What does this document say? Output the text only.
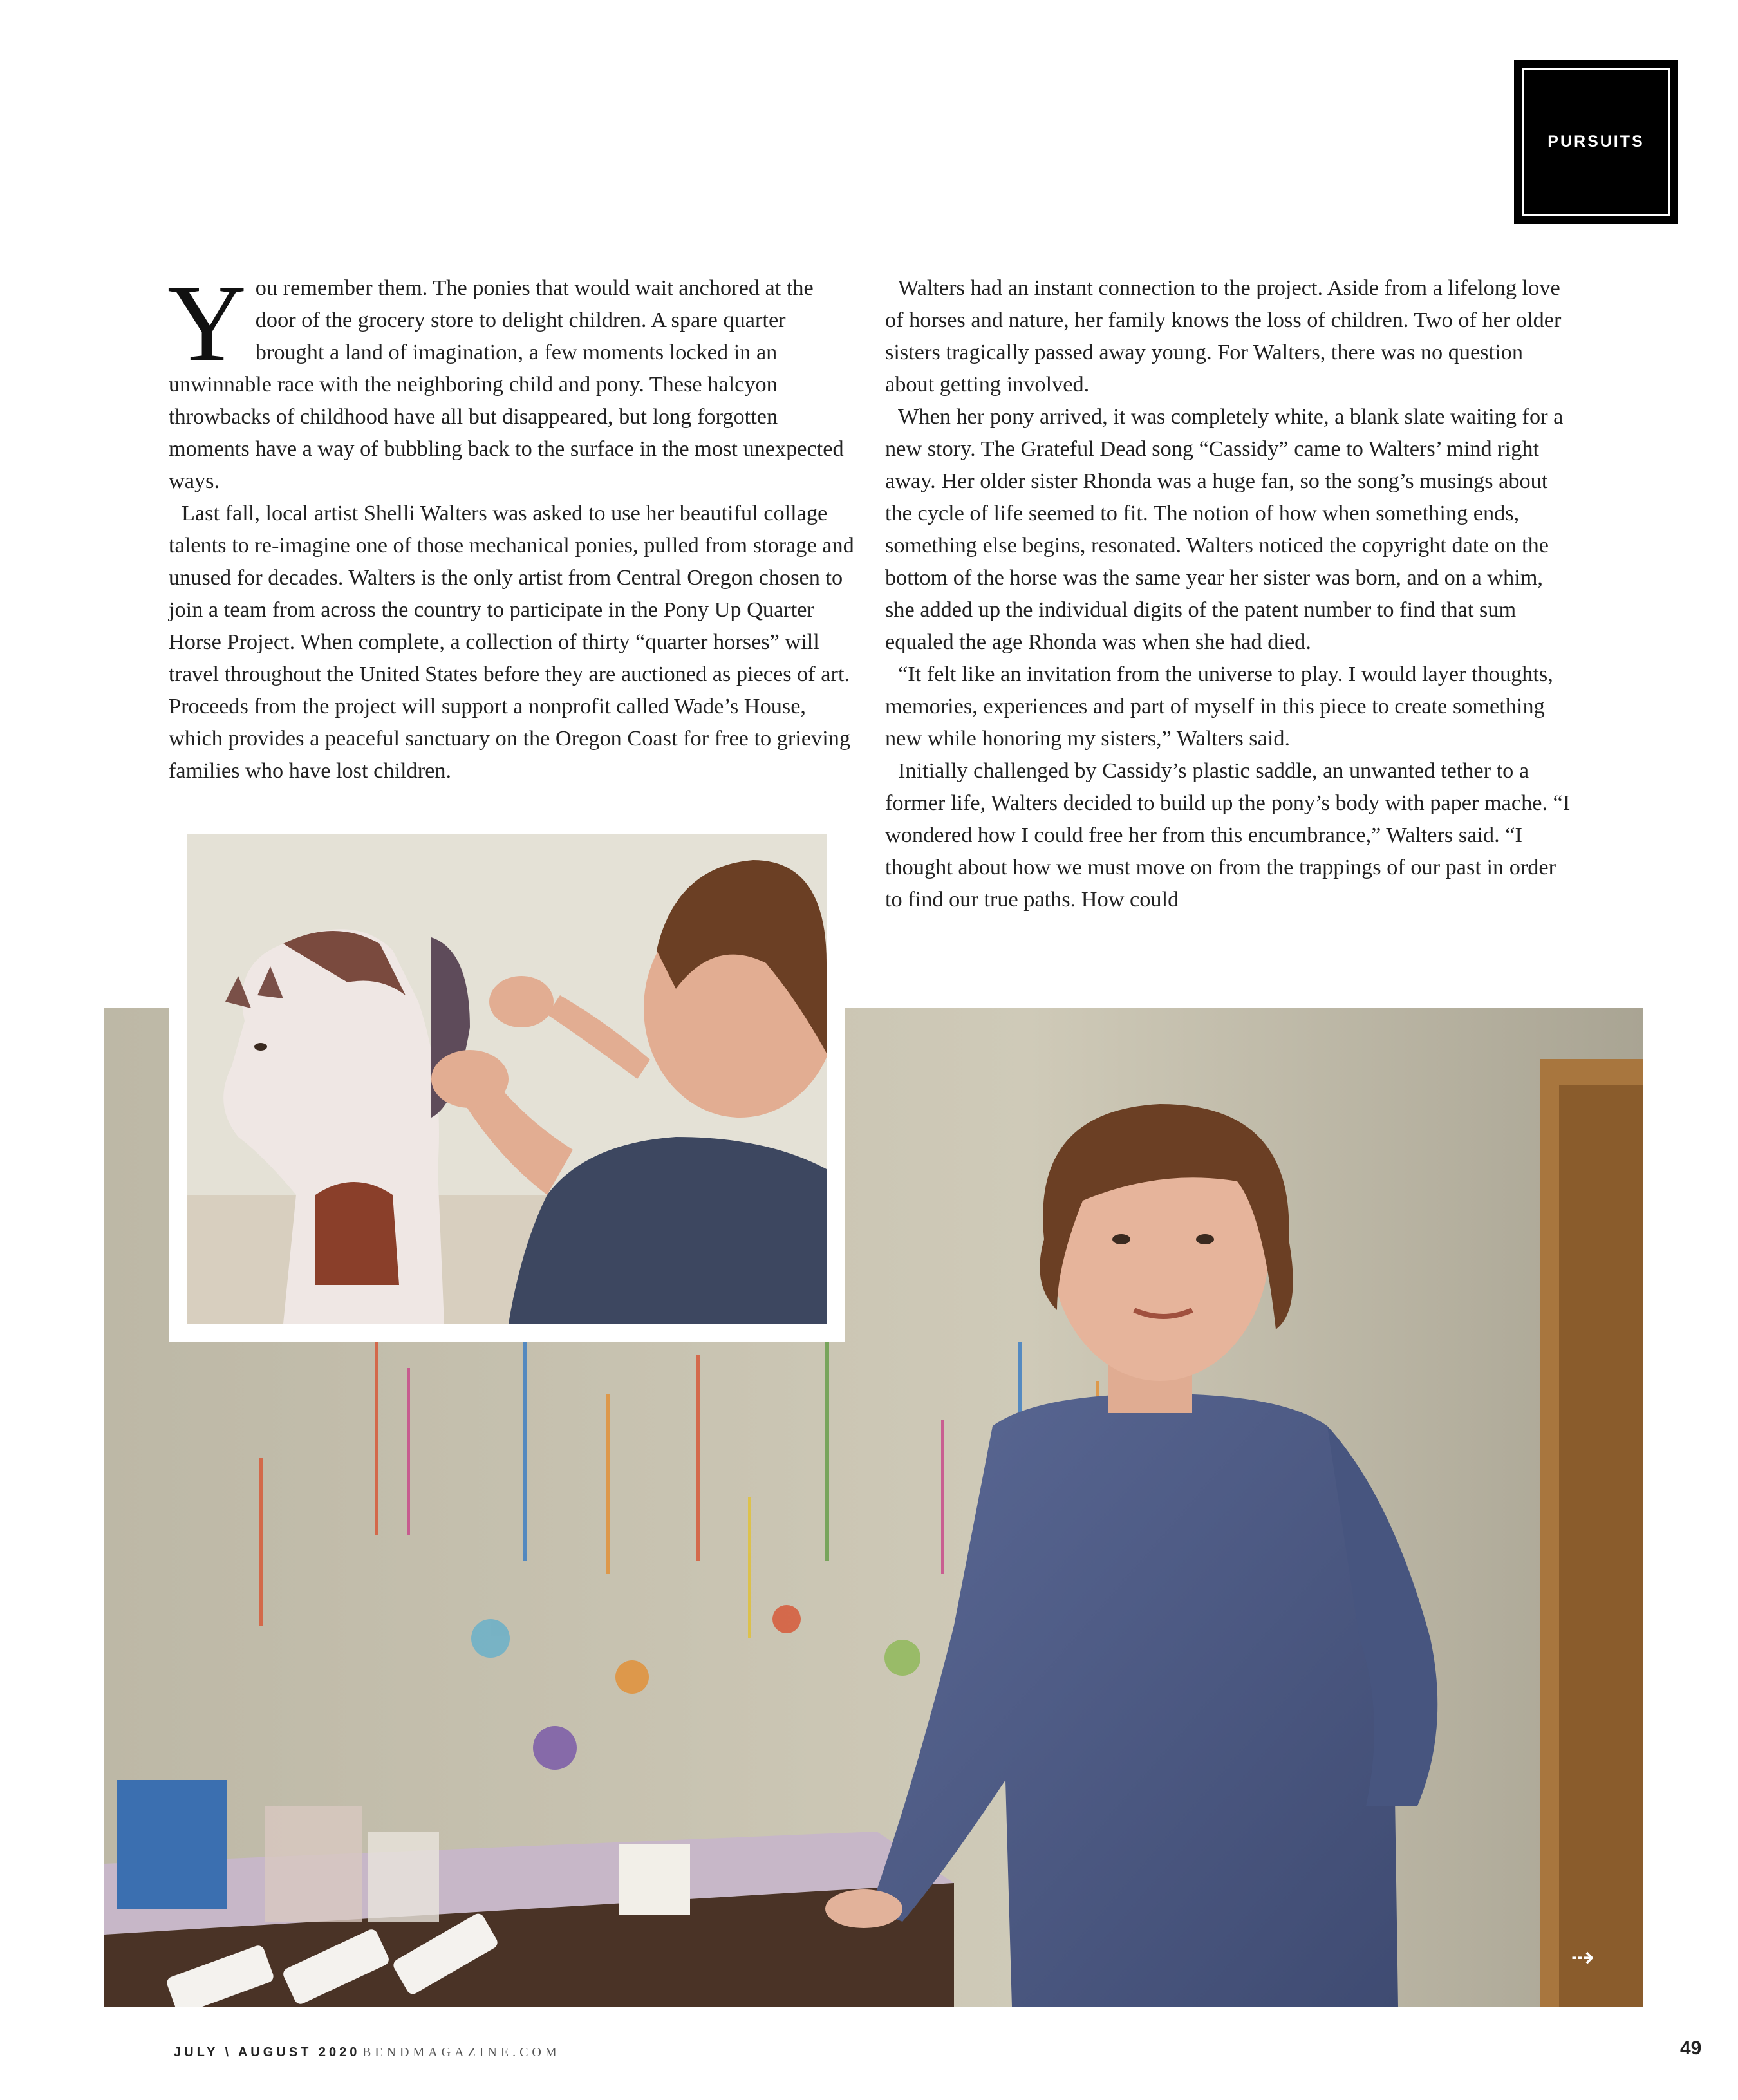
PURSUITS

You remember them. The ponies that would wait anchored at the door of the grocery store to delight children. A spare quarter brought a land of imagination, a few moments locked in an unwinnable race with the neighboring child and pony. These halcyon throwbacks of childhood have all but disappeared, but long forgotten moments have a way of bubbling back to the surface in the most unexpected ways.

Last fall, local artist Shelli Walters was asked to use her beautiful collage talents to re-imagine one of those mechanical ponies, pulled from storage and unused for decades. Walters is the only artist from Central Oregon chosen to join a team from across the country to participate in the Pony Up Quarter Horse Project. When complete, a collection of thirty “quarter horses” will travel throughout the United States before they are auctioned as pieces of art. Proceeds from the project will support a nonprofit called Wade’s House, which provides a peaceful sanctuary on the Oregon Coast for free to grieving families who have lost children.

Walters had an instant connection to the project. Aside from a lifelong love of horses and nature, her family knows the loss of children. Two of her older sisters tragically passed away young. For Walters, there was no question about getting involved.

When her pony arrived, it was completely white, a blank slate waiting for a new story. The Grateful Dead song “Cassidy” came to Walters’ mind right away. Her older sister Rhonda was a huge fan, so the song’s musings about the cycle of life seemed to fit. The notion of how when something ends, something else begins, resonated. Walters noticed the copyright date on the bottom of the horse was the same year her sister was born, and on a whim, she added up the individual digits of the patent number to find that sum equaled the age Rhonda was when she had died.

“It felt like an invitation from the universe to play. I would layer thoughts, memories, experiences and part of myself in this piece to create something new while honoring my sisters,” Walters said.

Initially challenged by Cassidy’s plastic saddle, an unwanted tether to a former life, Walters decided to build up the pony’s body with paper mache. “I wondered how I could free her from this encumbrance,” Walters said. “I thought about how we must move on from the trappings of our past in order to find our true paths. How could

⇢
JULY \ AUGUST 2020 BENDMAGAZINE.COM	49
